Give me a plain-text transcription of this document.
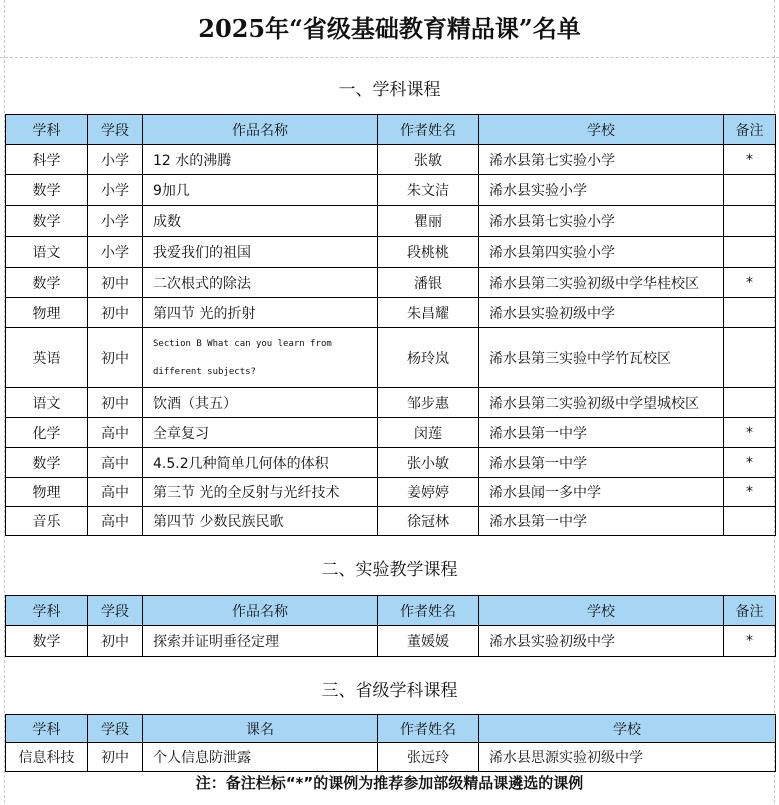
2025年“省级基础教育精品课”名单
一、学科课程
学科	学段	作品名称	作者姓名	学校	备注
科学	小学	12 水的沸腾	张敏	浠水县第七实验小学	*
数学	小学	9加几	朱文洁	浠水县实验小学	
数学	小学	成数	瞿丽	浠水县第七实验小学	
语文	小学	我爱我们的祖国	段桃桃	浠水县第四实验小学	
数学	初中	二次根式的除法	潘银	浠水县第二实验初级中学华桂校区	*
物理	初中	第四节 光的折射	朱昌耀	浠水县实验初级中学	
英语	初中	Section B What can you learn from different subjects?	杨玲岚	浠水县第三实验中学竹瓦校区	
语文	初中	饮酒（其五）	邹步惠	浠水县第二实验初级中学望城校区	
化学	高中	全章复习	闵莲	浠水县第一中学	*
数学	高中	4.5.2几种简单几何体的体积	张小敏	浠水县第一中学	*
物理	高中	第三节 光的全反射与光纤技术	姜婷婷	浠水县闻一多中学	*
音乐	高中	第四节 少数民族民歌	徐冠林	浠水县第一中学	
二、实验教学课程
学科	学段	作品名称	作者姓名	学校	备注
数学	初中	探索并证明垂径定理	董媛媛	浠水县实验初级中学	*
三、省级学科课程
学科	学段	课名	作者姓名	学校
信息科技	初中	个人信息防泄露	张远玲	浠水县思源实验初级中学
注：备注栏标“*”的课例为推荐参加部级精品课遴选的课例
